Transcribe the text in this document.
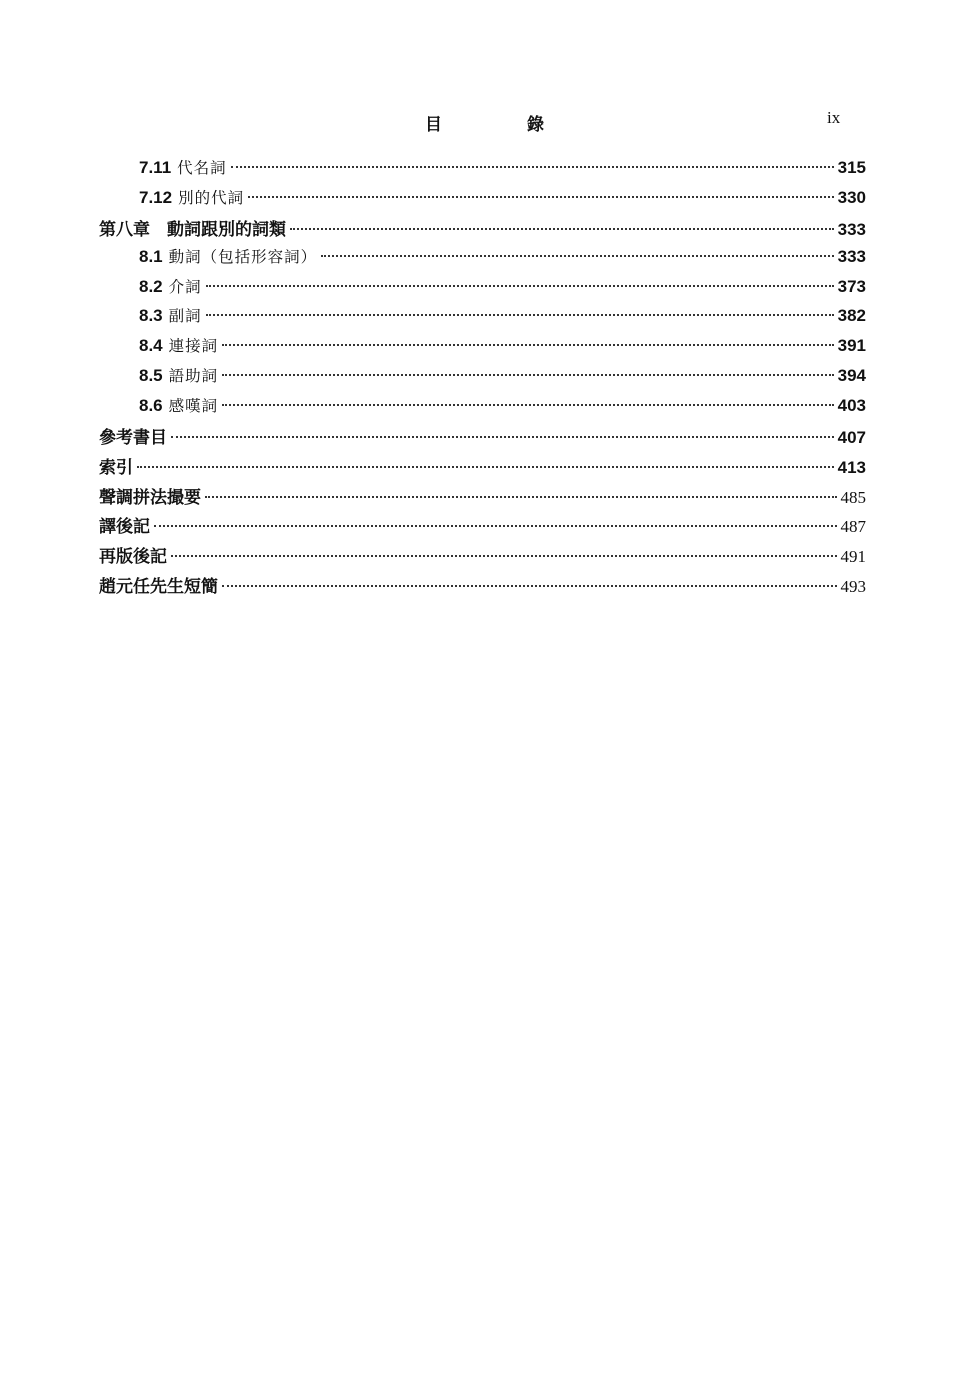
目	錄	ix
7.11 代名詞	315
7.12 別的代詞	330
第八章　動詞跟別的詞類	333
8.1 動詞（包括形容詞）	333
8.2 介詞	373
8.3 副詞	382
8.4 連接詞	391
8.5 語助詞	394
8.6 感嘆詞	403
參考書目	407
索引	413
聲調拼法撮要	485
譯後記	487
再版後記	491
趙元任先生短簡	493
